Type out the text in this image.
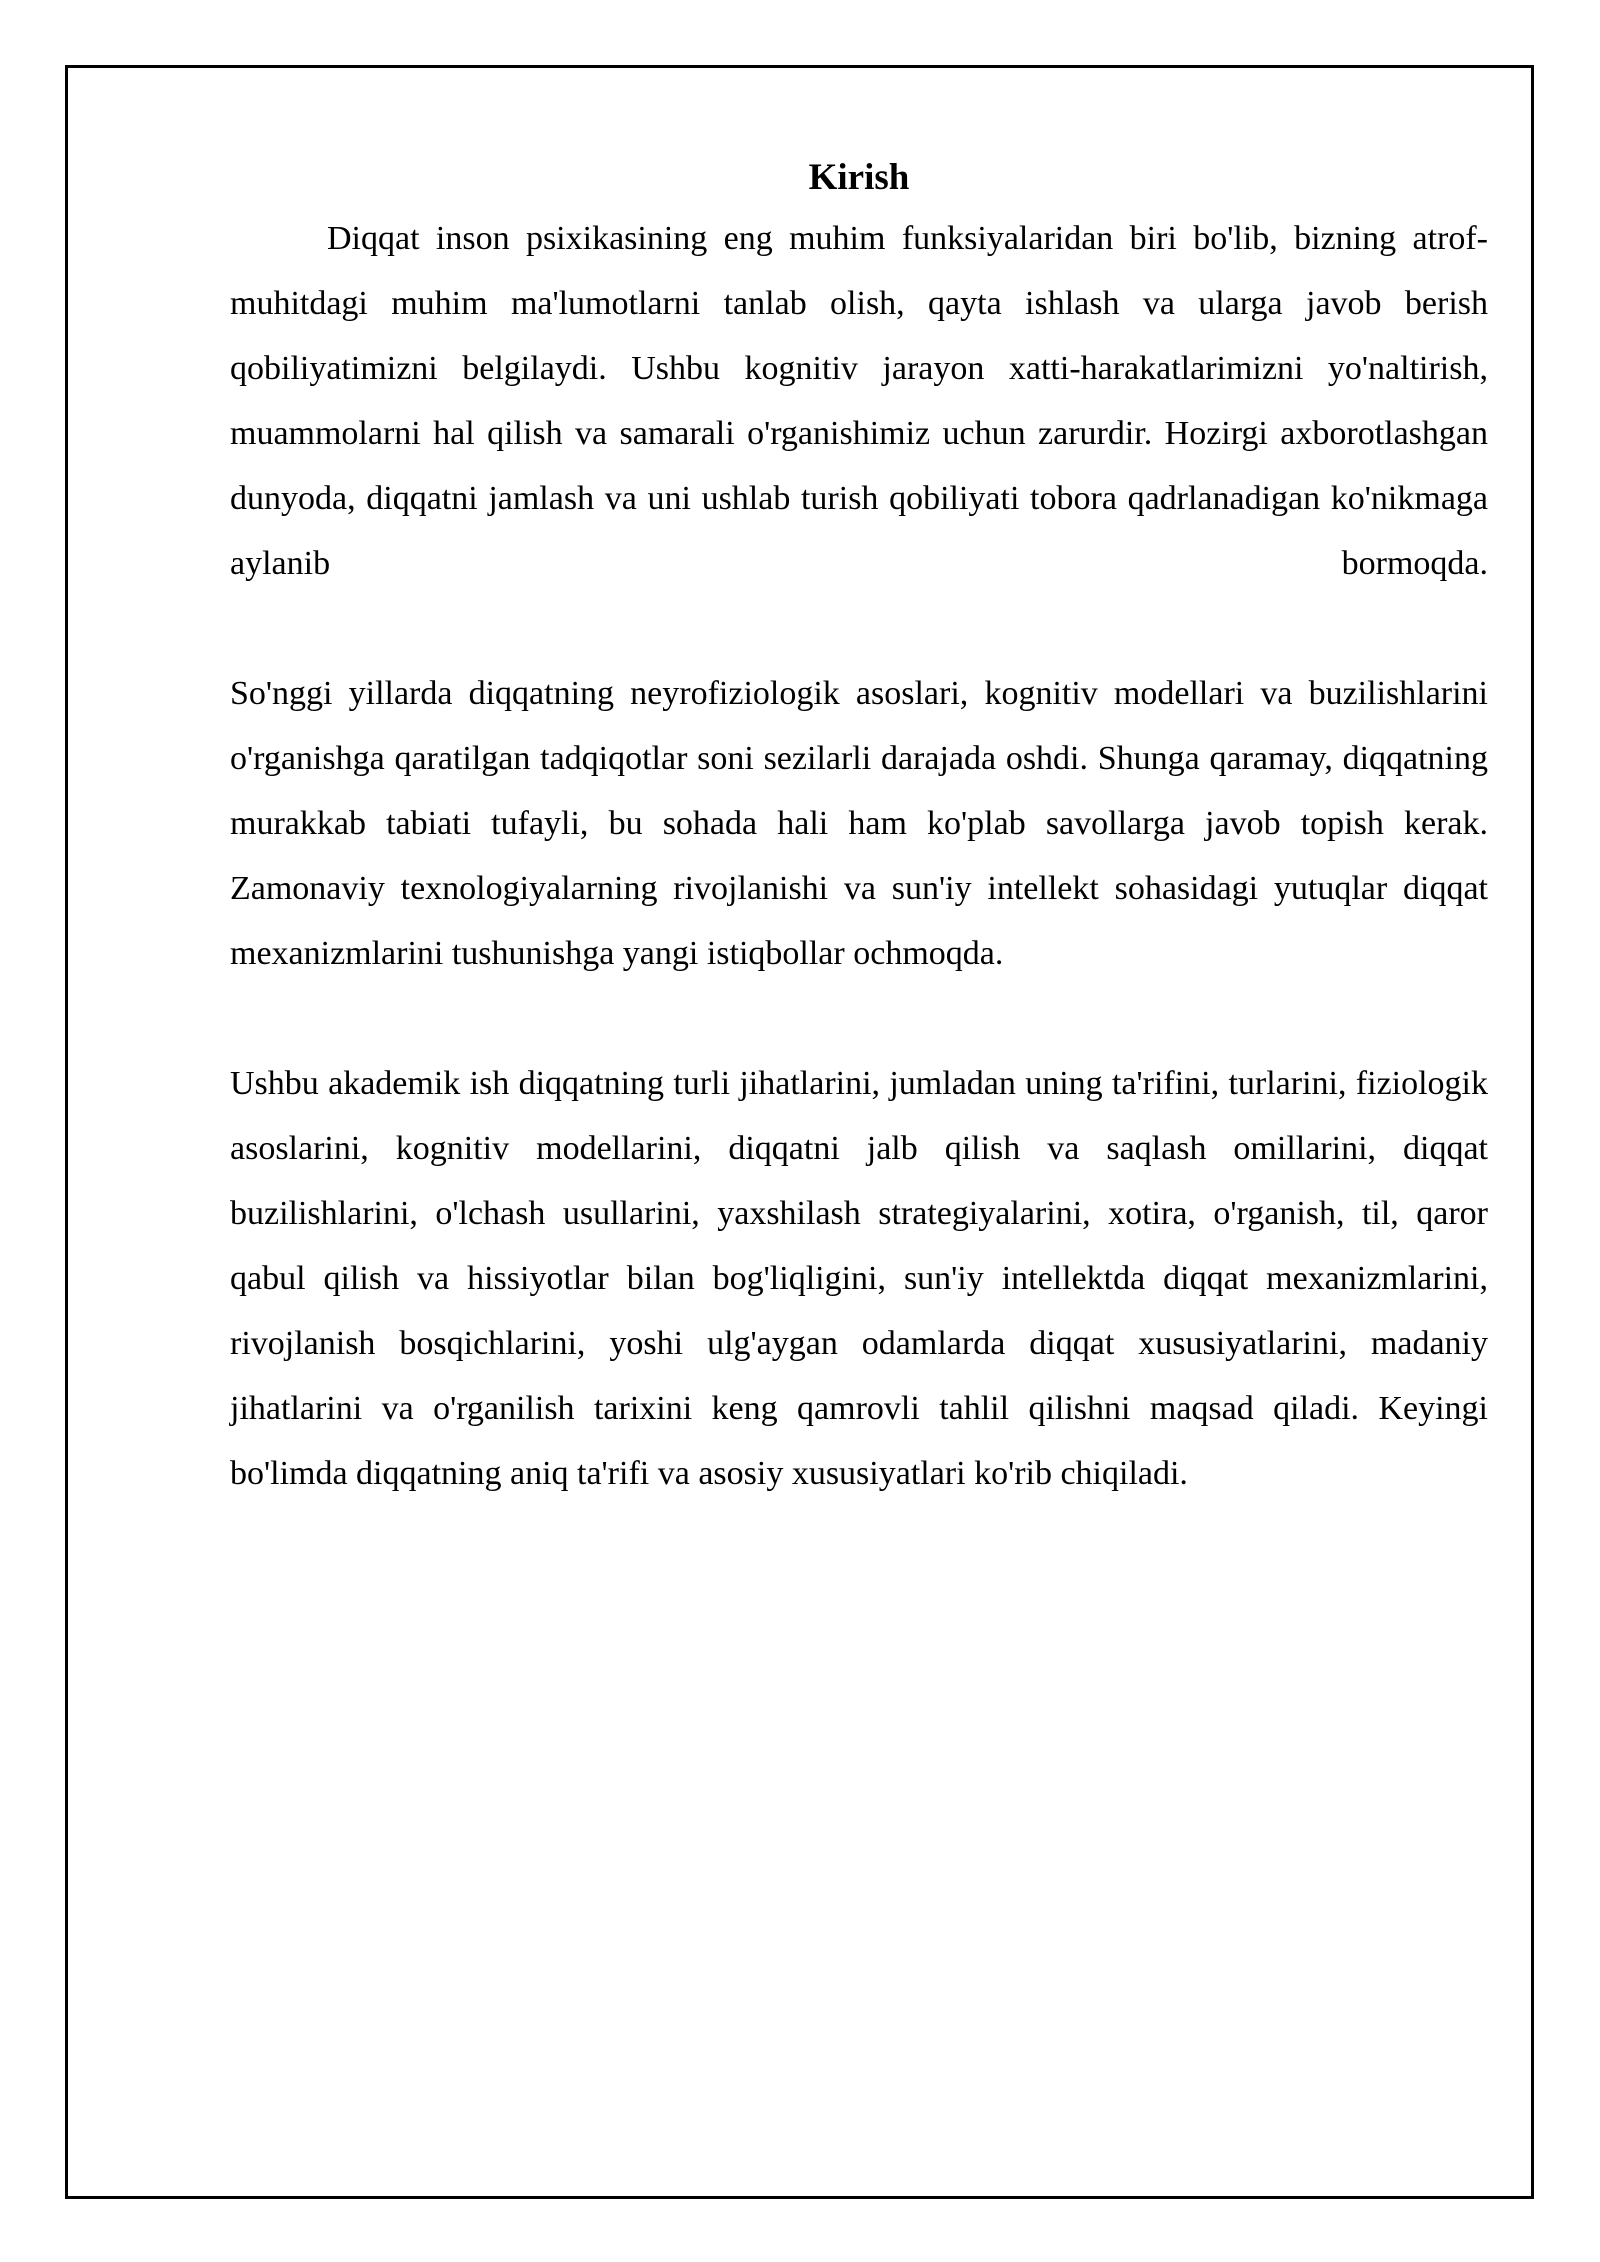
Kirish

Diqqat inson psixikasining eng muhim funksiyalaridan biri bo'lib, bizning atrof-muhitdagi muhim ma'lumotlarni tanlab olish, qayta ishlash va ularga javob berish qobiliyatimizni belgilaydi. Ushbu kognitiv jarayon xatti-harakatlarimizni yo'naltirish, muammolarni hal qilish va samarali o'rganishimiz uchun zarurdir. Hozirgi axborotlashgan dunyoda, diqqatni jamlash va uni ushlab turish qobiliyati tobora qadrlanadigan ko'nikmaga aylanib bormoqda.

So'nggi yillarda diqqatning neyrofiziologik asoslari, kognitiv modellari va buzilishlarini o'rganishga qaratilgan tadqiqotlar soni sezilarli darajada oshdi. Shunga qaramay, diqqatning murakkab tabiati tufayli, bu sohada hali ham ko'plab savollarga javob topish kerak. Zamonaviy texnologiyalarning rivojlanishi va sun'iy intellekt sohasidagi yutuqlar diqqat mexanizmlarini tushunishga yangi istiqbollar ochmoqda.

Ushbu akademik ish diqqatning turli jihatlarini, jumladan uning ta'rifini, turlarini, fiziologik asoslarini, kognitiv modellarini, diqqatni jalb qilish va saqlash omillarini, diqqat buzilishlarini, o'lchash usullarini, yaxshilash strategiyalarini, xotira, o'rganish, til, qaror qabul qilish va hissiyotlar bilan bog'liqligini, sun'iy intellektda diqqat mexanizmlarini, rivojlanish bosqichlarini, yoshi ulg'aygan odamlarda diqqat xususiyatlarini, madaniy jihatlarini va o'rganilish tarixini keng qamrovli tahlil qilishni maqsad qiladi. Keyingi bo'limda diqqatning aniq ta'rifi va asosiy xususiyatlari ko'rib chiqiladi.
